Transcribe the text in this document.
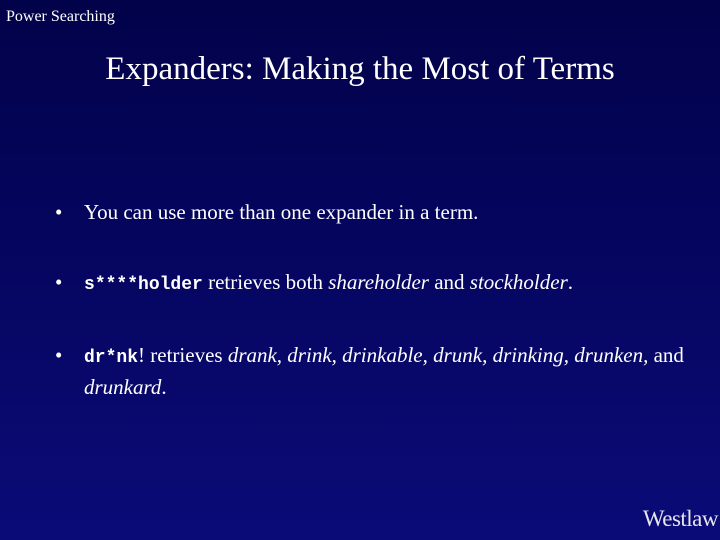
Power Searching
Expanders: Making the Most of Terms
• You can use more than one expander in a term.
• s****holder retrieves both shareholder and stockholder.
• dr*nk! retrieves drank, drink, drinkable, drunk, drinking, drunken, and drunkard.
Westlaw
